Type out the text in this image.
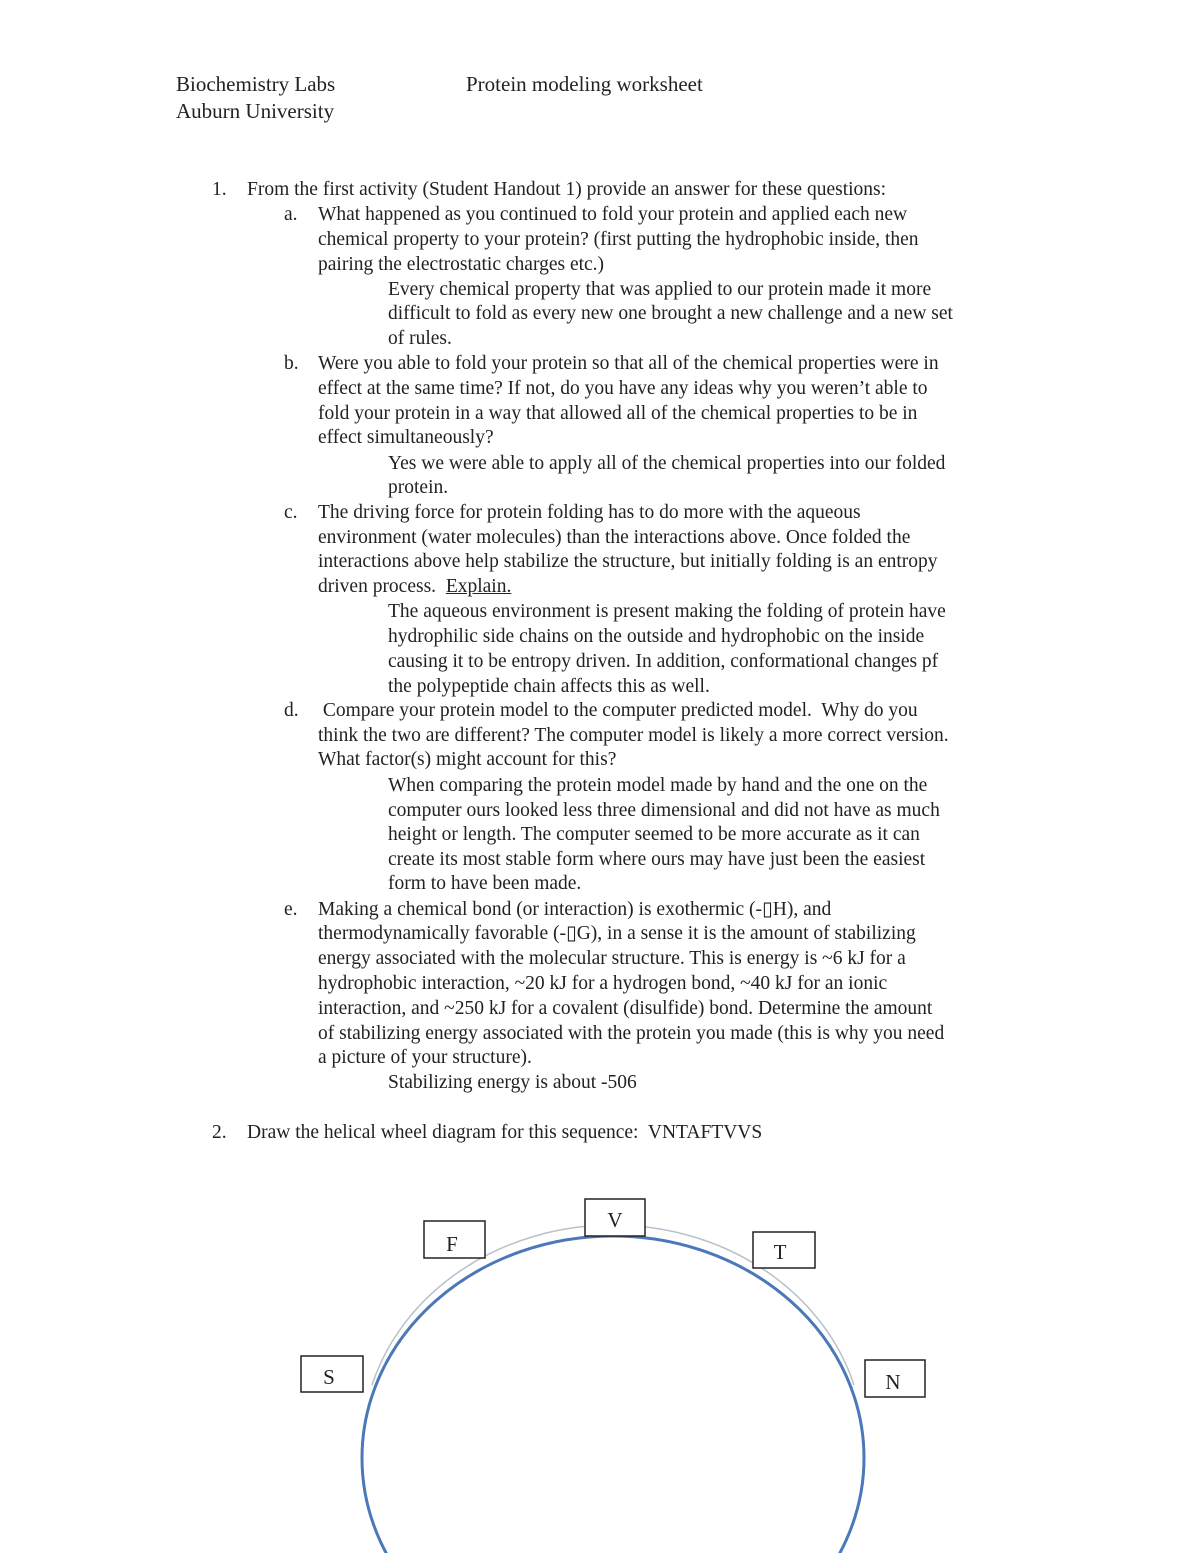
Biochemistry Labs
Auburn University
Protein modeling worksheet
1. From the first activity (Student Handout 1) provide an answer for these questions:
a. What happened as you continued to fold your protein and applied each new
chemical property to your protein? (first putting the hydrophobic inside, then
pairing the electrostatic charges etc.)
Every chemical property that was applied to our protein made it more
difficult to fold as every new one brought a new challenge and a new set
of rules.
b. Were you able to fold your protein so that all of the chemical properties were in
effect at the same time? If not, do you have any ideas why you weren’t able to
fold your protein in a way that allowed all of the chemical properties to be in
effect simultaneously?
Yes we were able to apply all of the chemical properties into our folded
protein.
c. The driving force for protein folding has to do more with the aqueous
environment (water molecules) than the interactions above. Once folded the
interactions above help stabilize the structure, but initially folding is an entropy
driven process. Explain.
The aqueous environment is present making the folding of protein have
hydrophilic side chains on the outside and hydrophobic on the inside
causing it to be entropy driven. In addition, conformational changes pf
the polypeptide chain affects this as well.
d. Compare your protein model to the computer predicted model.  Why do you
think the two are different? The computer model is likely a more correct version.
What factor(s) might account for this?
When comparing the protein model made by hand and the one on the
computer ours looked less three dimensional and did not have as much
height or length. The computer seemed to be more accurate as it can
create its most stable form where ours may have just been the easiest
form to have been made.
e. Making a chemical bond (or interaction) is exothermic (-▯H), and
thermodynamically favorable (-▯G), in a sense it is the amount of stabilizing
energy associated with the molecular structure. This is energy is ~6 kJ for a
hydrophobic interaction, ~20 kJ for a hydrogen bond, ~40 kJ for an ionic
interaction, and ~250 kJ for a covalent (disulfide) bond. Determine the amount
of stabilizing energy associated with the protein you made (this is why you need
a picture of your structure).
Stabilizing energy is about -506
2. Draw the helical wheel diagram for this sequence:  VNTAFTVVS
V
F	T
S	N
